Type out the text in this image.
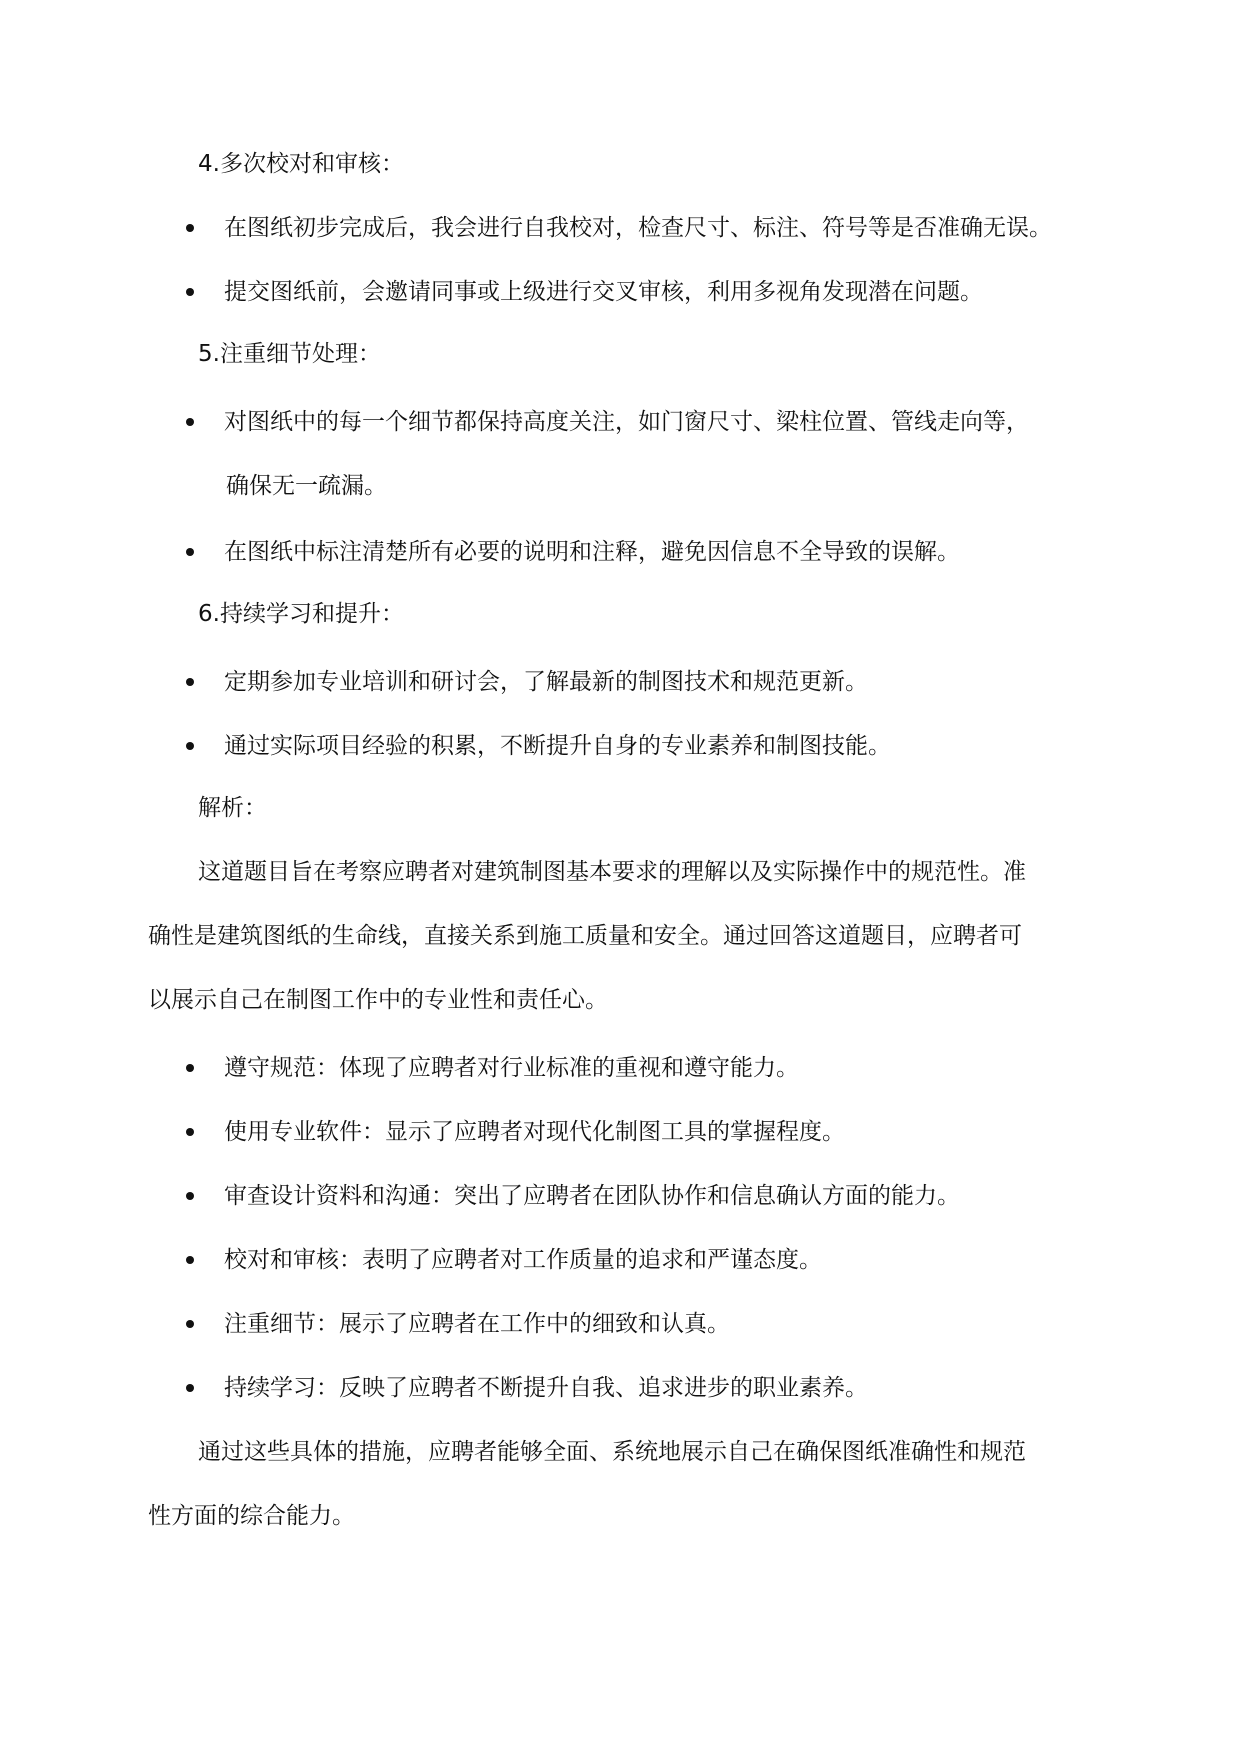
4.多次校对和审核：
在图纸初步完成后，我会进行自我校对，检查尺寸、标注、符号等是否准确无误。
提交图纸前，会邀请同事或上级进行交叉审核，利用多视角发现潜在问题。
5.注重细节处理：
对图纸中的每一个细节都保持高度关注，如门窗尺寸、梁柱位置、管线走向等，
确保无一疏漏。
在图纸中标注清楚所有必要的说明和注释，避免因信息不全导致的误解。
6.持续学习和提升：
定期参加专业培训和研讨会，了解最新的制图技术和规范更新。
通过实际项目经验的积累，不断提升自身的专业素养和制图技能。
解析：
这道题目旨在考察应聘者对建筑制图基本要求的理解以及实际操作中的规范性。准
确性是建筑图纸的生命线，直接关系到施工质量和安全。通过回答这道题目，应聘者可
以展示自己在制图工作中的专业性和责任心。
遵守规范：体现了应聘者对行业标准的重视和遵守能力。
使用专业软件：显示了应聘者对现代化制图工具的掌握程度。
审查设计资料和沟通：突出了应聘者在团队协作和信息确认方面的能力。
校对和审核：表明了应聘者对工作质量的追求和严谨态度。
注重细节：展示了应聘者在工作中的细致和认真。
持续学习：反映了应聘者不断提升自我、追求进步的职业素养。
通过这些具体的措施，应聘者能够全面、系统地展示自己在确保图纸准确性和规范
性方面的综合能力。
